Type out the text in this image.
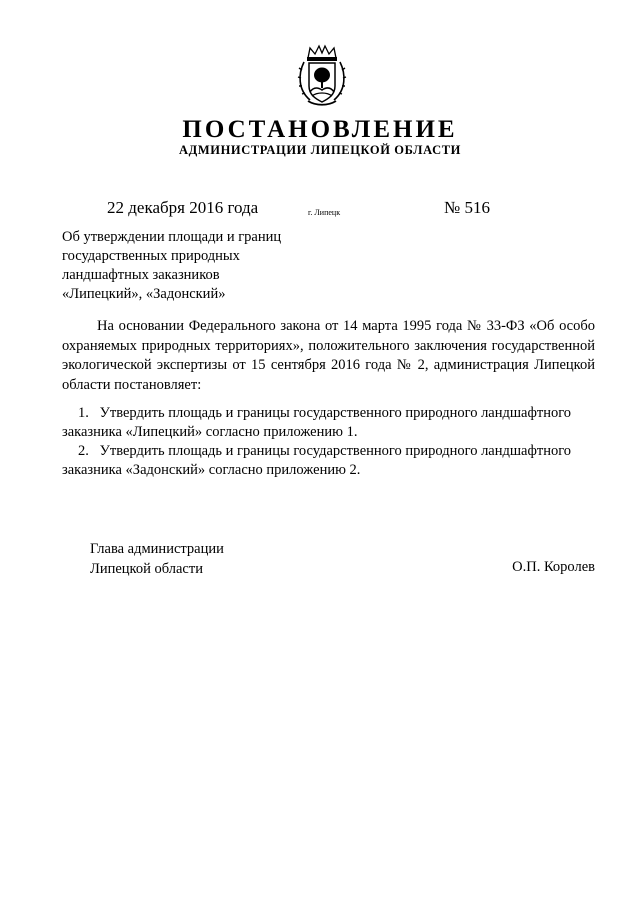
ПОСТАНОВЛЕНИЕ
АДМИНИСТРАЦИИ ЛИПЕЦКОЙ ОБЛАСТИ
22 декабря 2016 года	г. Липецк	№ 516
Об утверждении площади и границ
государственных природных
ландшафтных заказников
«Липецкий», «Задонский»

На основании Федерального закона от 14 марта 1995 года № 33-ФЗ «Об особо охраняемых природных территориях», положительного заключения государственной экологической экспертизы от 15 сентября 2016 года № 2, администрация Липецкой области постановляет:

1. Утвердить площадь и границы государственного природного ландшафтного заказника «Липецкий» согласно приложению 1.
2. Утвердить площадь и границы государственного природного ландшафтного заказника «Задонский» согласно приложению 2.
Глава администрации
Липецкой области	О.П. Королев
